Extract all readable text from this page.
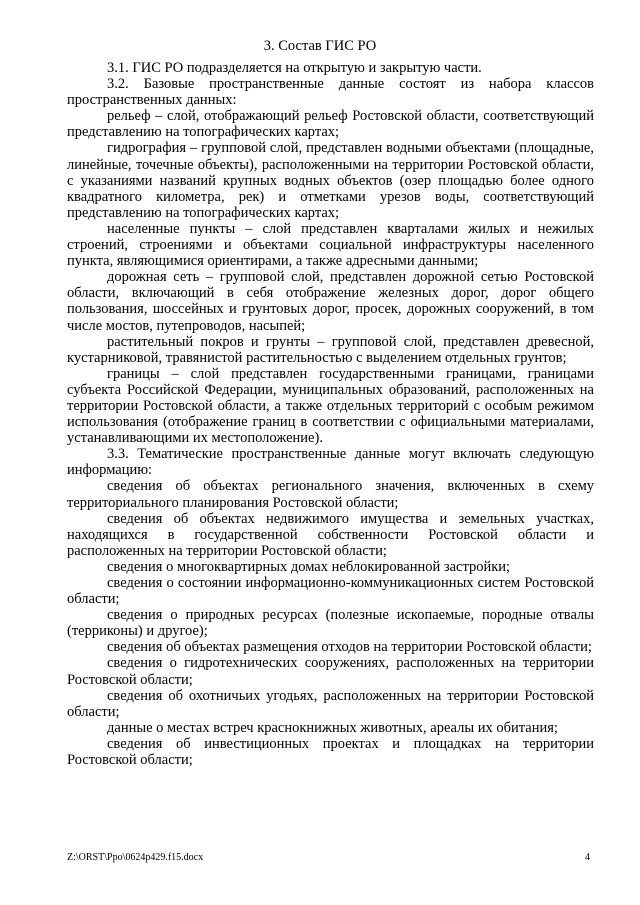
3. Состав ГИС РО

3.1. ГИС РО подразделяется на открытую и закрытую части.

3.2. Базовые пространственные данные состоят из набора классов пространственных данных:

рельеф – слой, отображающий рельеф Ростовской области, соответствующий представлению на топографических картах;

гидрография – групповой слой, представлен водными объектами (площадные, линейные, точечные объекты), расположенными на территории Ростовской области, с указаниями названий крупных водных объектов (озер площадью более одного квадратного километра, рек) и отметками урезов воды, соответствующий представлению на топографических картах;

населенные пункты – слой представлен кварталами жилых и нежилых строений, строениями и объектами социальной инфраструктуры населенного пункта, являющимися ориентирами, а также адресными данными;

дорожная сеть – групповой слой, представлен дорожной сетью Ростовской области, включающий в себя отображение железных дорог, дорог общего пользования, шоссейных и грунтовых дорог, просек, дорожных сооружений, в том числе мостов, путепроводов, насыпей;

растительный покров и грунты – групповой слой, представлен древесной, кустарниковой, травянистой растительностью с выделением отдельных грунтов;

границы – слой представлен государственными границами, границами субъекта Российской Федерации, муниципальных образований, расположенных на территории Ростовской области, а также отдельных территорий с особым режимом использования (отображение границ в соответствии с официальными материалами, устанавливающими их местоположение).

3.3. Тематические пространственные данные могут включать следующую информацию:

сведения об объектах регионального значения, включенных в схему территориального планирования Ростовской области;

сведения об объектах недвижимого имущества и земельных участках, находящихся в государственной собственности Ростовской области и расположенных на территории Ростовской области;

сведения о многоквартирных домах неблокированной застройки;

сведения о состоянии информационно-коммуникационных систем Ростовской области;

сведения о природных ресурсах (полезные ископаемые, породные отвалы (терриконы) и другое);

сведения об объектах размещения отходов на территории Ростовской области;

сведения о гидротехнических сооружениях, расположенных на территории Ростовской области;

сведения об охотничьих угодьях, расположенных на территории Ростовской области;

данные о местах встреч краснокнижных животных, ареалы их обитания;

сведения об инвестиционных проектах и площадках на территории Ростовской области;

Z:\ORST\Ppo\0624p429.f15.docx	4
